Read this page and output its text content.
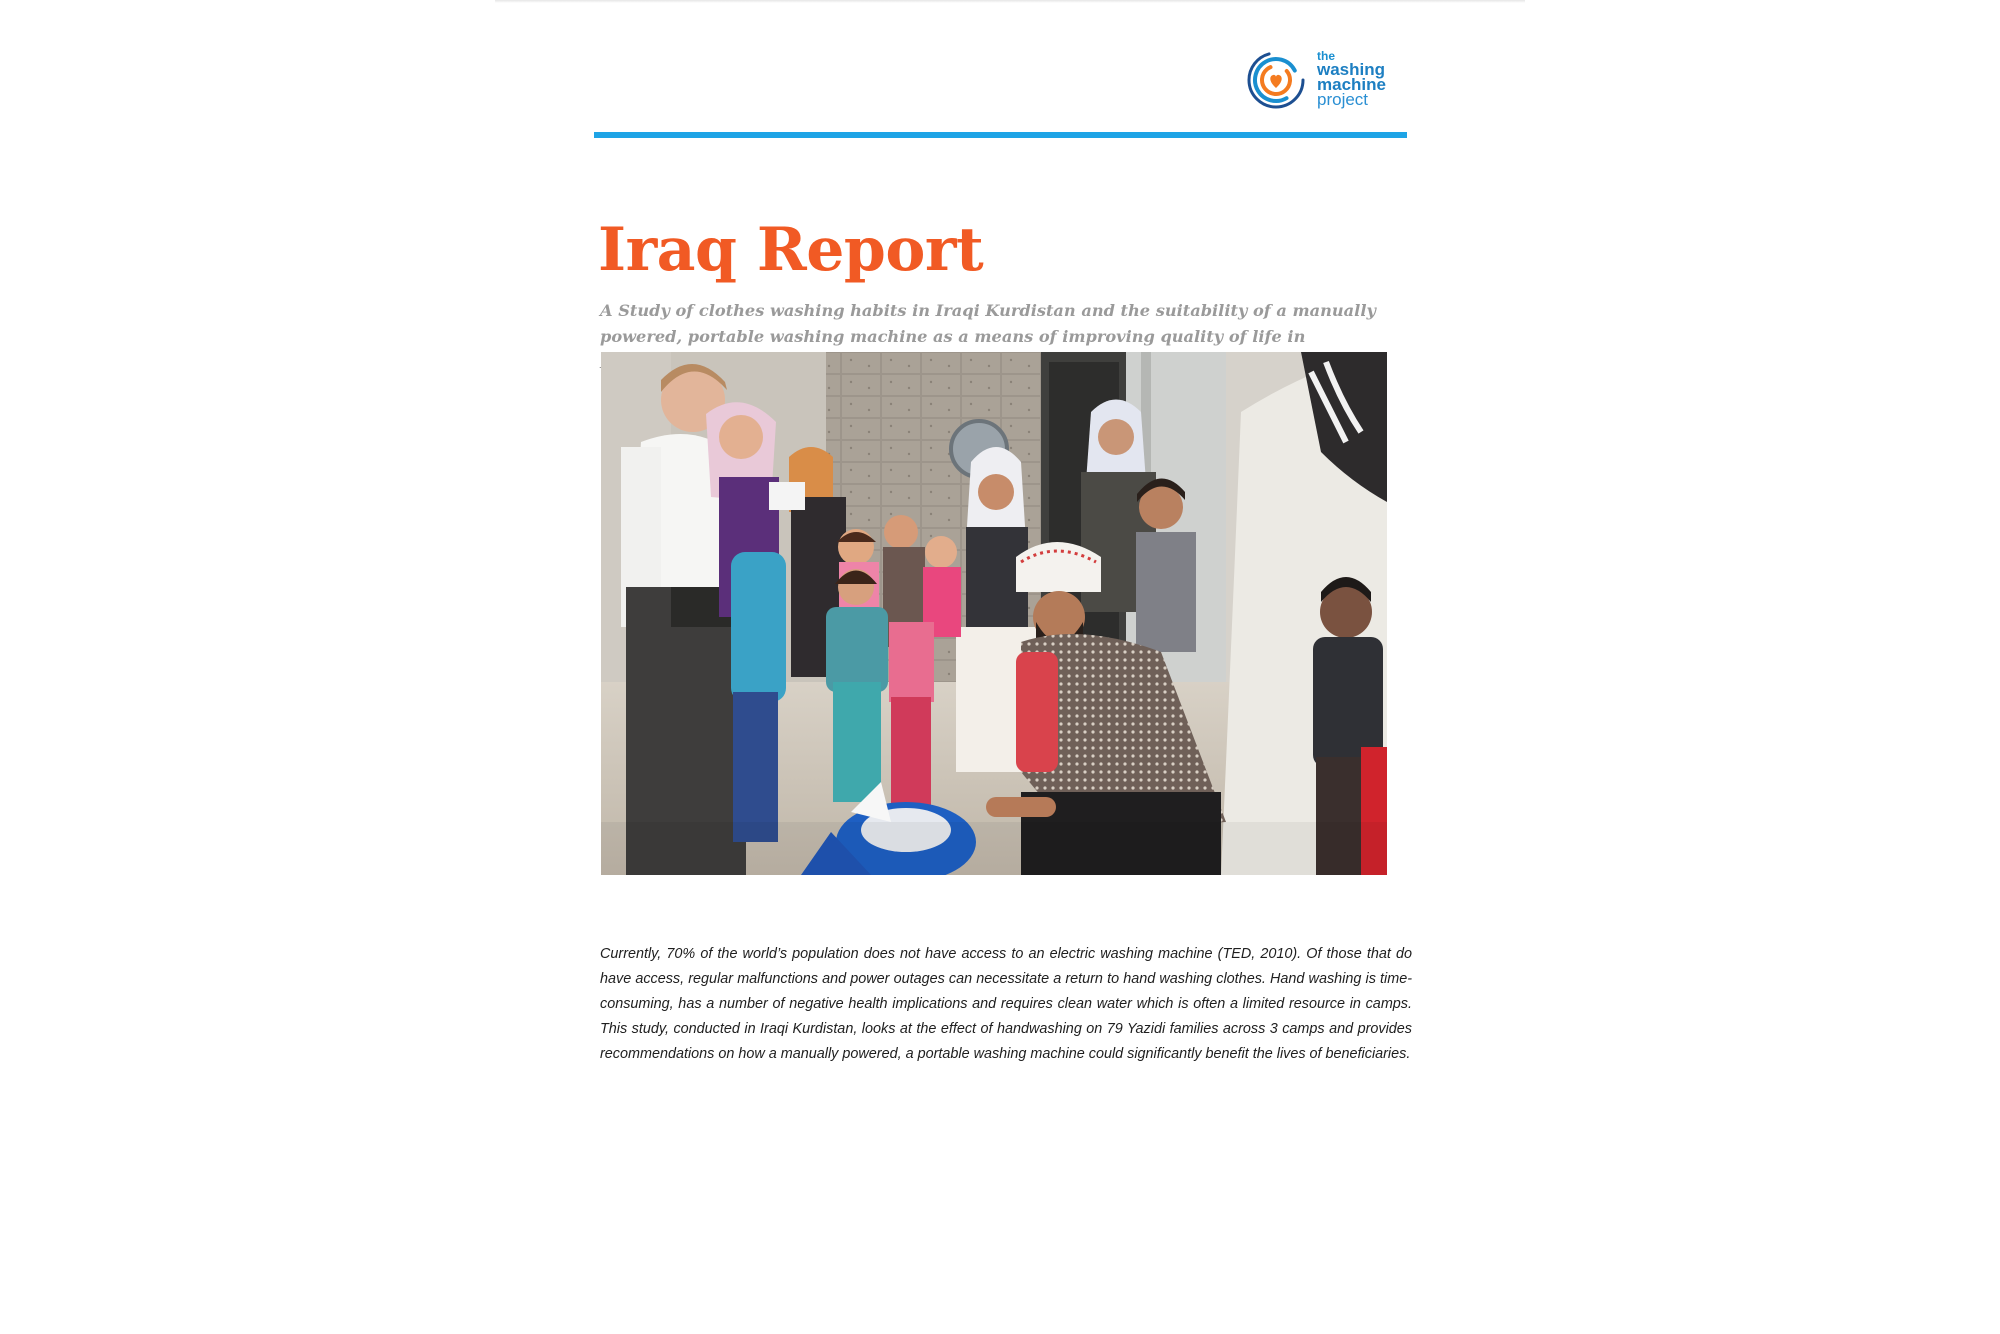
the
washing
machine
project
Iraq Report

A Study of clothes washing habits in Iraqi Kurdistan and the suitability of a manually powered, portable washing machine as a means of improving quality of life in

Currently, 70% of the world’s population does not have access to an electric washing machine (TED, 2010). Of those that do have access, regular malfunctions and power outages can necessitate a return to hand washing clothes. Hand washing is time-consuming, has a number of negative health implications and requires clean water which is often a limited resource in camps. This study, conducted in Iraqi Kurdistan, looks at the effect of handwashing on 79 Yazidi families across 3 camps and provides recommendations on how a manually powered, a portable washing machine could significantly benefit the lives of beneficiaries.
